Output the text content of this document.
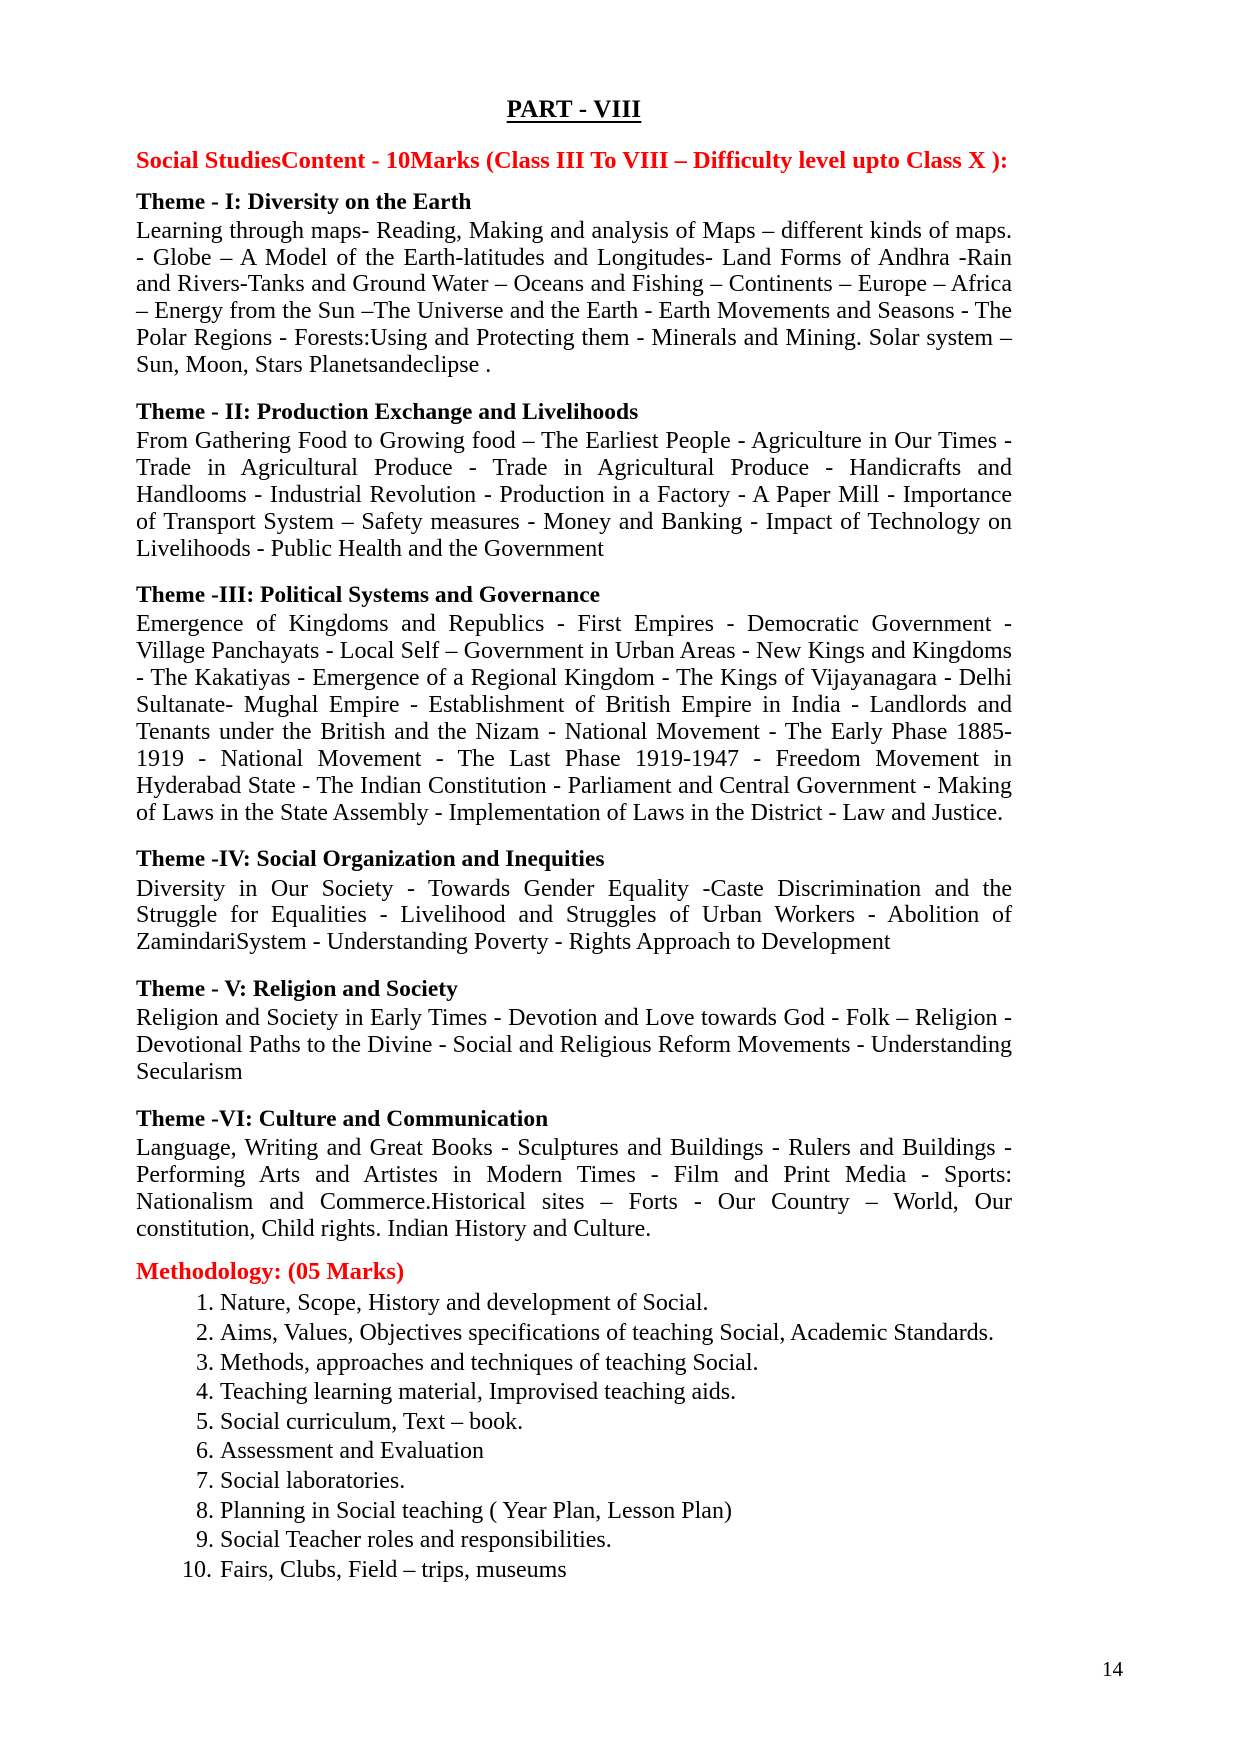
PART - VIII
Social StudiesContent - 10Marks (Class III To VIII – Difficulty level upto Class X ):
Theme - I: Diversity on the Earth
Learning through maps- Reading, Making and analysis of Maps – different kinds of maps. - Globe – A Model of the Earth-latitudes and Longitudes- Land Forms of Andhra -Rain and Rivers-Tanks and Ground Water – Oceans and Fishing – Continents – Europe – Africa – Energy from the Sun –The Universe and the Earth - Earth Movements and Seasons - The Polar Regions - Forests:Using and Protecting them - Minerals and Mining. Solar system –Sun, Moon, Stars Planetsandeclipse .
Theme - II: Production Exchange and Livelihoods
From Gathering Food to Growing food – The Earliest People - Agriculture in Our Times - Trade in Agricultural Produce - Trade in Agricultural Produce - Handicrafts and Handlooms - Industrial Revolution - Production in a Factory - A Paper Mill - Importance of Transport System – Safety measures - Money and Banking - Impact of Technology on Livelihoods - Public Health and the Government
Theme -III: Political Systems and Governance
Emergence of Kingdoms and Republics - First Empires - Democratic Government - Village Panchayats - Local Self – Government in Urban Areas - New Kings and Kingdoms - The Kakatiyas - Emergence of a Regional Kingdom - The Kings of Vijayanagara - Delhi Sultanate- Mughal Empire - Establishment of British Empire in India - Landlords and Tenants under the British and the Nizam - National Movement - The Early Phase 1885-1919 - National Movement - The Last Phase 1919-1947 - Freedom Movement in Hyderabad State - The Indian Constitution - Parliament and Central Government - Making of Laws in the State Assembly - Implementation of Laws in the District - Law and Justice.
Theme -IV: Social Organization and Inequities
Diversity in Our Society - Towards Gender Equality -Caste Discrimination and the Struggle for Equalities - Livelihood and Struggles of Urban Workers - Abolition of ZamindariSystem - Understanding Poverty - Rights Approach to Development
Theme - V: Religion and Society
Religion and Society in Early Times - Devotion and Love towards God - Folk – Religion - Devotional Paths to the Divine - Social and Religious Reform Movements - Understanding Secularism
Theme -VI: Culture and Communication
Language, Writing and Great Books - Sculptures and Buildings - Rulers and Buildings - Performing Arts and Artistes in Modern Times - Film and Print Media - Sports: Nationalism and Commerce.Historical sites – Forts - Our Country – World, Our constitution, Child rights. Indian History and Culture.
Methodology: (05 Marks)
Nature, Scope, History and development of Social.
Aims, Values, Objectives specifications of teaching Social, Academic Standards.
Methods, approaches and techniques of teaching Social.
Teaching learning material, Improvised teaching aids.
Social curriculum, Text – book.
Assessment and Evaluation
Social laboratories.
Planning in Social teaching ( Year Plan, Lesson Plan)
Social Teacher roles and responsibilities.
Fairs, Clubs, Field – trips, museums
14
